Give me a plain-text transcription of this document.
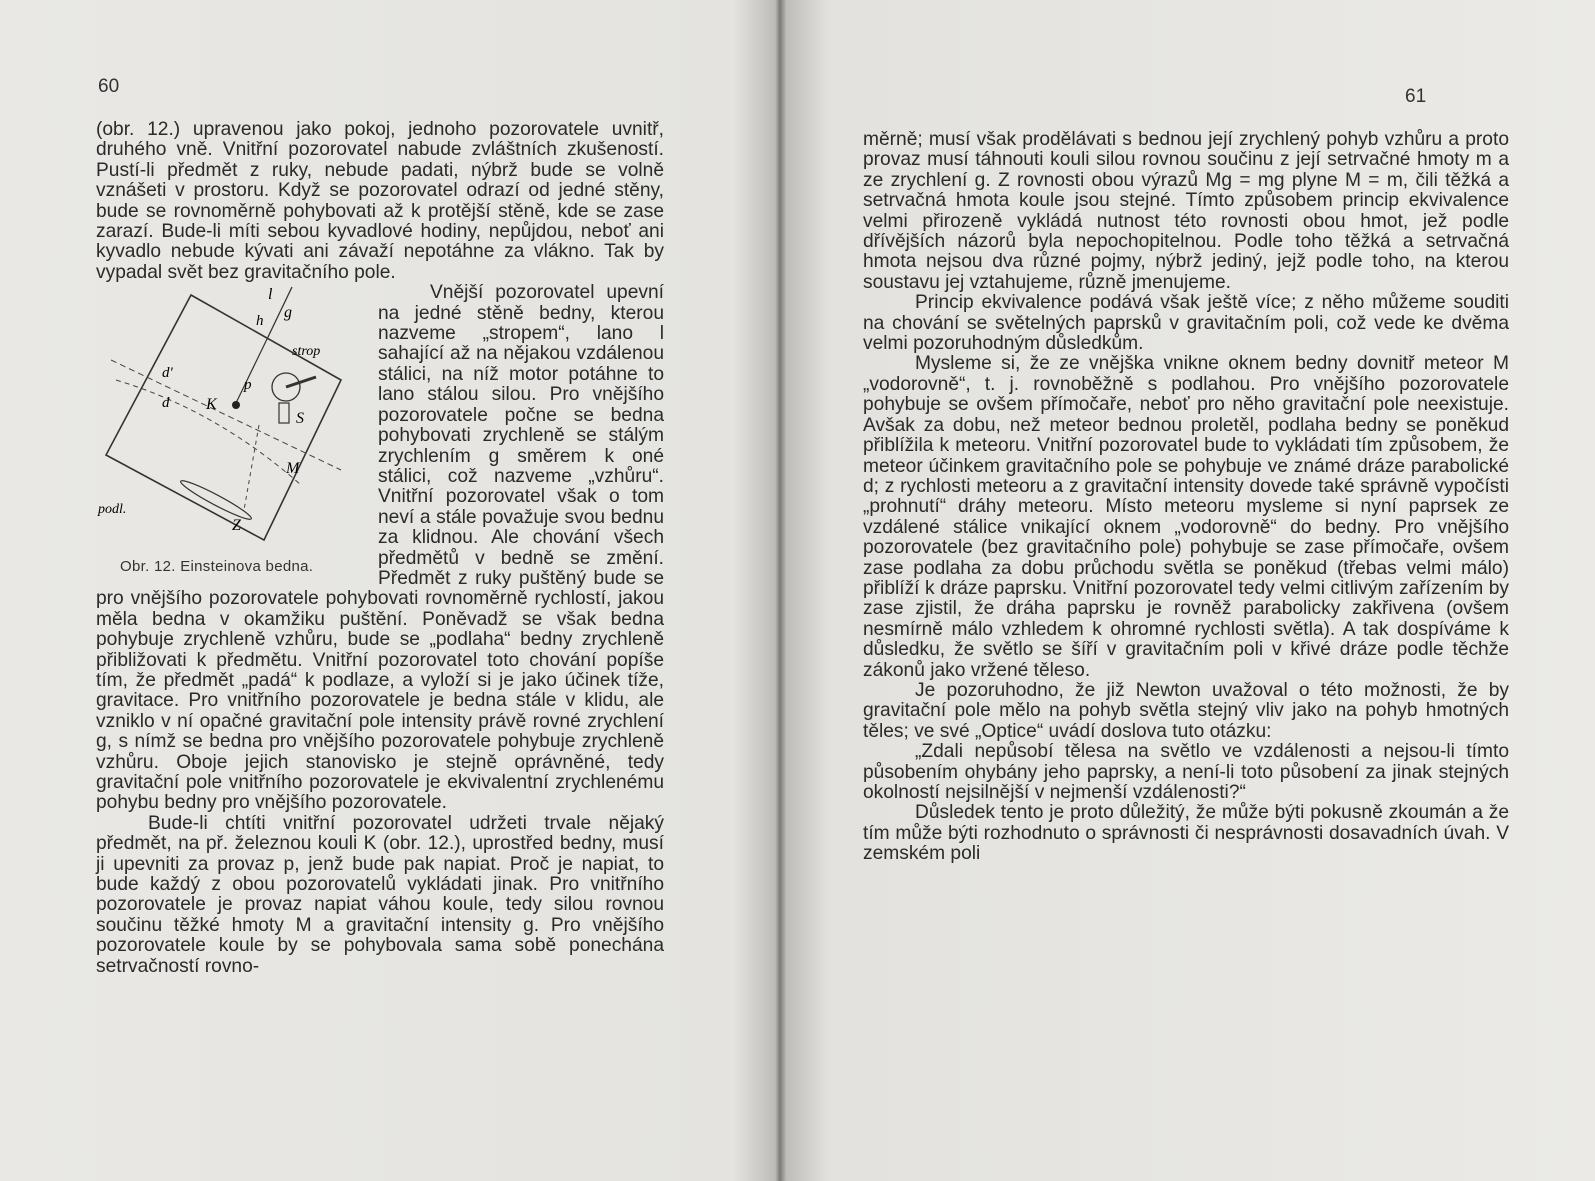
60

(obr. 12.) upravenou jako pokoj, jednoho pozorovatele uvnitř, druhého vně. Vnitřní pozorovatel nabude zvláštních zkušeností. Pustí-li předmět z ruky, nebude padati, nýbrž bude se volně vznášeti v prostoru. Když se pozorovatel odrazí od jedné stěny, bude se rovnoměrně pohybovati až k protější stěně, kde se zase zarazí. Bude-li míti sebou kyvadlové hodiny, nepůjdou, neboť ani kyvadlo nebude kývati ani závaží nepotáhne za vlákno. Tak by vypadal svět bez gravitačního pole.

l
g
h
strop
d'
d K
p
S
M
podl.
Z
Obr. 12. Einsteinova bedna.

Vnější pozorovatel upevní na jedné stěně bedny, kterou nazveme „stropem“, lano l sahající až na nějakou vzdálenou stálici, na níž motor potáhne to lano stálou silou. Pro vnějšího pozorovatele počne se bedna pohybovati zrychleně se stálým zrychlením g směrem k oné stálici, což nazveme „vzhůru“. Vnitřní pozorovatel však o tom neví a stále považuje svou bednu za klidnou. Ale chování všech předmětů v bedně se změní. Předmět z ruky puštěný bude se pro vnějšího pozorovatele pohybovati rovnoměrně rychlostí, jakou měla bedna v okamžiku puštění. Poněvadž se však bedna pohybuje zrychleně vzhůru, bude se „podlaha“ bedny zrychleně přibližovati k předmětu. Vnitřní pozorovatel toto chování popíše tím, že předmět „padá“ k podlaze, a vyloží si je jako účinek tíže, gravitace. Pro vnitřního pozorovatele je bedna stále v klidu, ale vzniklo v ní opačné gravitační pole intensity právě rovné zrychlení g, s nímž se bedna pro vnějšího pozorovatele pohybuje zrychleně vzhůru. Oboje jejich stanovisko je stejně oprávněné, tedy gravitační pole vnitřního pozorovatele je ekvivalentní zrychlenému pohybu bedny pro vnějšího pozorovatele.

Bude-li chtíti vnitřní pozorovatel udržeti trvale nějaký předmět, na př. železnou kouli K (obr. 12.), uprostřed bedny, musí ji upevniti za provaz p, jenž bude pak napiat. Proč je napiat, to bude každý z obou pozorovatelů vykládati jinak. Pro vnitřního pozorovatele je provaz napiat váhou koule, tedy silou rovnou součinu těžké hmoty M a gravitační intensity g. Pro vnějšího pozorovatele koule by se pohybovala sama sobě ponechána setrvačností rovno-

61

měrně; musí však prodělávati s bednou její zrychlený pohyb vzhůru a proto provaz musí táhnouti kouli silou rovnou součinu z její setrvačné hmoty m a ze zrychlení g. Z rovnosti obou výrazů Mg = mg plyne M = m, čili těžká a setrvačná hmota koule jsou stejné. Tímto způsobem princip ekvivalence velmi přirozeně vykládá nutnost této rovnosti obou hmot, jež podle dřívějších názorů byla nepochopitelnou. Podle toho těžká a setrvačná hmota nejsou dva různé pojmy, nýbrž jediný, jejž podle toho, na kterou soustavu jej vztahujeme, různě jmenujeme.

Princip ekvivalence podává však ještě více; z něho můžeme souditi na chování se světelných paprsků v gravitačním poli, což vede ke dvěma velmi pozoruhodným důsledkům.

Mysleme si, že ze vnějška vnikne oknem bedny dovnitř meteor M „vodorovně“, t. j. rovnoběžně s podlahou. Pro vnějšího pozorovatele pohybuje se ovšem přímočaře, neboť pro něho gravitační pole neexistuje. Avšak za dobu, než meteor bednou proletěl, podlaha bedny se poněkud přiblížila k meteoru. Vnitřní pozorovatel bude to vykládati tím způsobem, že meteor účinkem gravitačního pole se pohybuje ve známé dráze parabolické d; z rychlosti meteoru a z gravitační intensity dovede také správně vypočísti „prohnutí“ dráhy meteoru. Místo meteoru mysleme si nyní paprsek ze vzdálené stálice vnikající oknem „vodorovně“ do bedny. Pro vnějšího pozorovatele (bez gravitačního pole) pohybuje se zase přímočaře, ovšem zase podlaha za dobu průchodu světla se poněkud (třebas velmi málo) přiblíží k dráze paprsku. Vnitřní pozorovatel tedy velmi citlivým zařízením by zase zjistil, že dráha paprsku je rovněž parabolicky zakřivena (ovšem nesmírně málo vzhledem k ohromné rychlosti světla). A tak dospíváme k důsledku, že světlo se šíří v gravitačním poli v křivé dráze podle těchže zákonů jako vržené těleso.

Je pozoruhodno, že již Newton uvažoval o této možnosti, že by gravitační pole mělo na pohyb světla stejný vliv jako na pohyb hmotných těles; ve své „Optice“ uvádí doslova tuto otázku:

„Zdali nepůsobí tělesa na světlo ve vzdálenosti a nejsou-li tímto působením ohybány jeho paprsky, a není-li toto působení za jinak stejných okolností nejsilnější v nejmenší vzdálenosti?“

Důsledek tento je proto důležitý, že může býti pokusně zkoumán a že tím může býti rozhodnuto o správnosti či nesprávnosti dosavadních úvah. V zemském poli
